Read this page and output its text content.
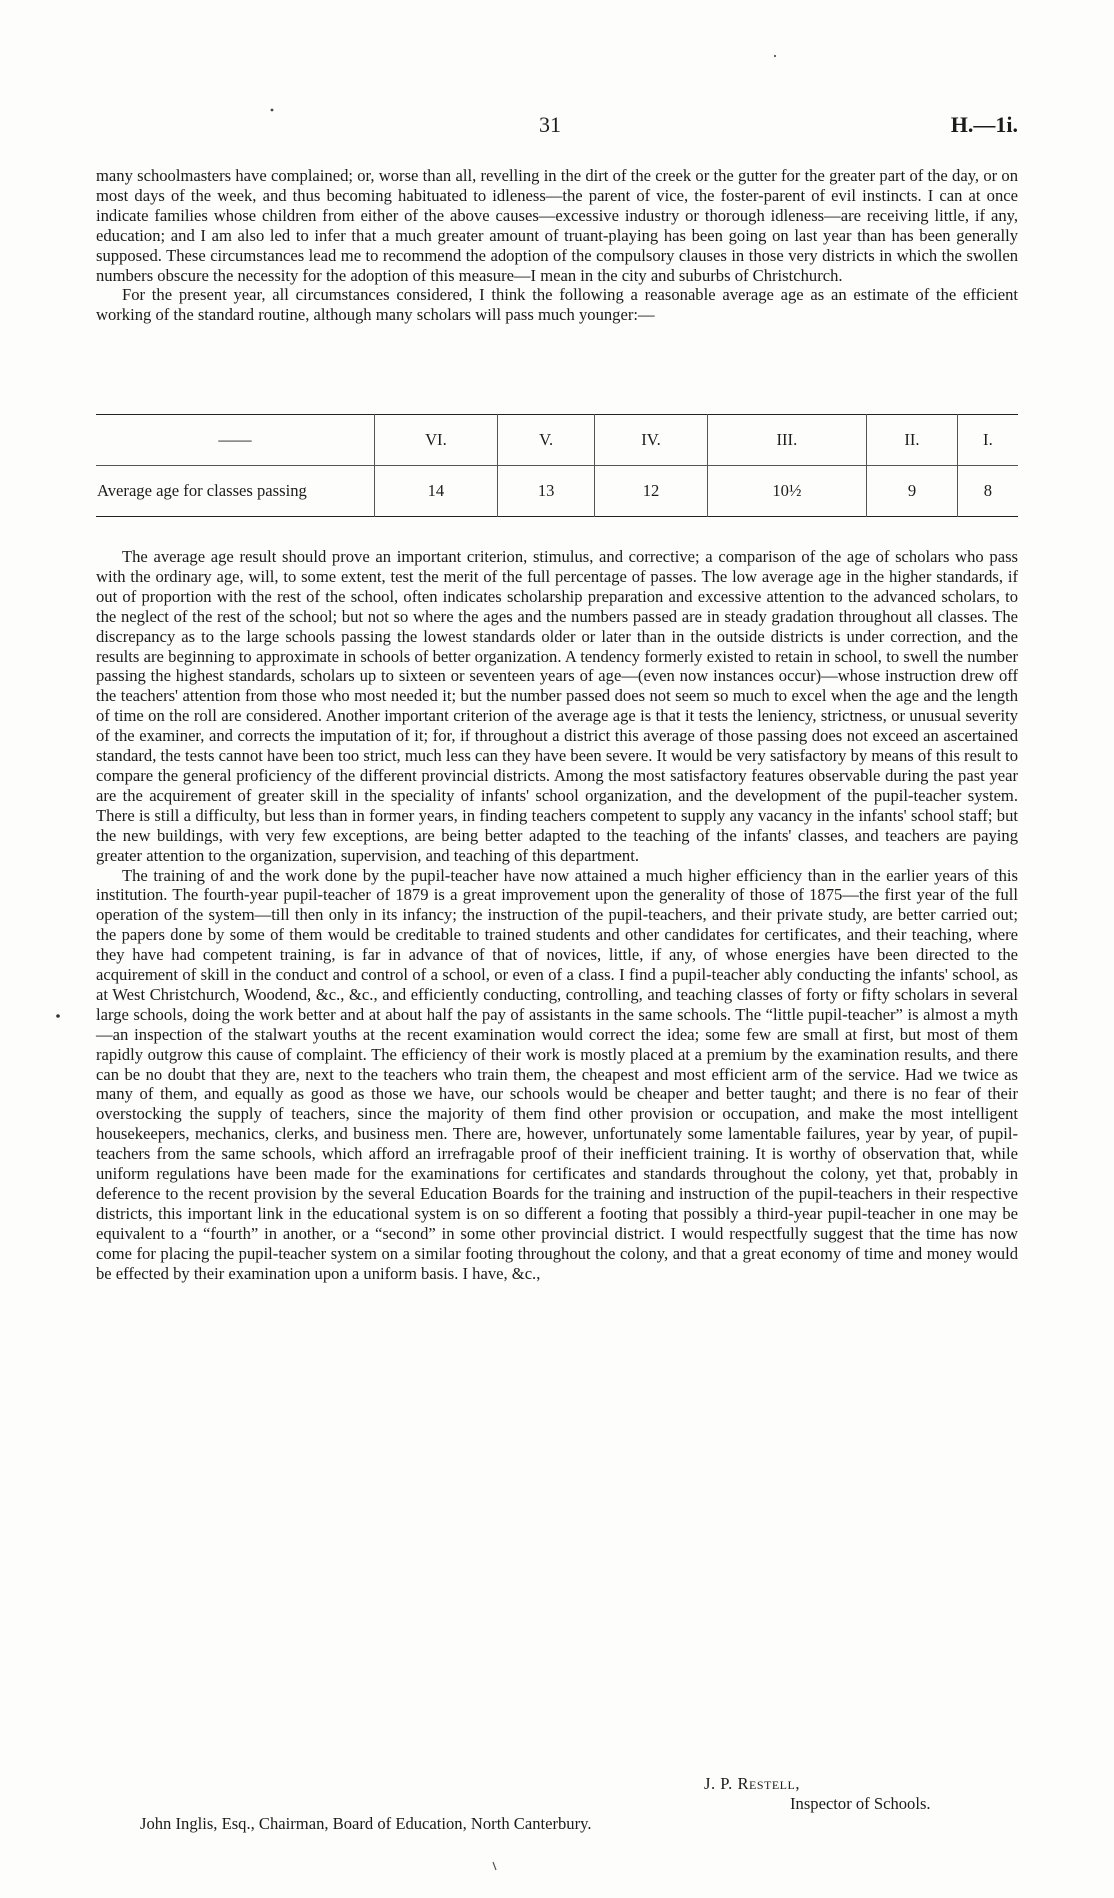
31	H.—1i.

many schoolmasters have complained; or, worse than all, revelling in the dirt of the creek or the gutter for the greater part of the day, or on most days of the week, and thus becoming habituated to idleness—the parent of vice, the foster-parent of evil instincts. I can at once indicate families whose children from either of the above causes—excessive industry or thorough idleness—are receiving little, if any, education; and I am also led to infer that a much greater amount of truant-playing has been going on last year than has been generally supposed. These circumstances lead me to recommend the adoption of the compulsory clauses in those very districts in which the swollen numbers obscure the necessity for the adoption of this measure—I mean in the city and suburbs of Christchurch.

For the present year, all circumstances considered, I think the following a reasonable average age as an estimate of the efficient working of the standard routine, although many scholars will pass much younger:—

——	VI.	V.	IV.	III.	II.	I.
Average age for classes passing	14	13	12	10½	9	8

The average age result should prove an important criterion, stimulus, and corrective; a comparison of the age of scholars who pass with the ordinary age, will, to some extent, test the merit of the full percentage of passes. The low average age in the higher standards, if out of proportion with the rest of the school, often indicates scholarship preparation and excessive attention to the advanced scholars, to the neglect of the rest of the school; but not so where the ages and the numbers passed are in steady gradation throughout all classes. The discrepancy as to the large schools passing the lowest standards older or later than in the outside districts is under correction, and the results are beginning to approximate in schools of better organization. A tendency formerly existed to retain in school, to swell the number passing the highest standards, scholars up to sixteen or seventeen years of age—(even now instances occur)—whose instruction drew off the teachers' attention from those who most needed it; but the number passed does not seem so much to excel when the age and the length of time on the roll are considered. Another important criterion of the average age is that it tests the leniency, strictness, or unusual severity of the examiner, and corrects the imputation of it; for, if throughout a district this average of those passing does not exceed an ascertained standard, the tests cannot have been too strict, much less can they have been severe. It would be very satisfactory by means of this result to compare the general proficiency of the different provincial districts. Among the most satisfactory features observable during the past year are the acquirement of greater skill in the speciality of infants' school organization, and the development of the pupil-teacher system. There is still a difficulty, but less than in former years, in finding teachers competent to supply any vacancy in the infants' school staff; but the new buildings, with very few exceptions, are being better adapted to the teaching of the infants' classes, and teachers are paying greater attention to the organization, supervision, and teaching of this department.

The training of and the work done by the pupil-teacher have now attained a much higher efficiency than in the earlier years of this institution. The fourth-year pupil-teacher of 1879 is a great improvement upon the generality of those of 1875—the first year of the full operation of the system—till then only in its infancy; the instruction of the pupil-teachers, and their private study, are better carried out; the papers done by some of them would be creditable to trained students and other candidates for certificates, and their teaching, where they have had competent training, is far in advance of that of novices, little, if any, of whose energies have been directed to the acquirement of skill in the conduct and control of a school, or even of a class. I find a pupil-teacher ably conducting the infants' school, as at West Christchurch, Woodend, &c., &c., and efficiently conducting, controlling, and teaching classes of forty or fifty scholars in several large schools, doing the work better and at about half the pay of assistants in the same schools. The “little pupil-teacher” is almost a myth—an inspection of the stalwart youths at the recent examination would correct the idea; some few are small at first, but most of them rapidly outgrow this cause of complaint. The efficiency of their work is mostly placed at a premium by the examination results, and there can be no doubt that they are, next to the teachers who train them, the cheapest and most efficient arm of the service. Had we twice as many of them, and equally as good as those we have, our schools would be cheaper and better taught; and there is no fear of their overstocking the supply of teachers, since the majority of them find other provision or occupation, and make the most intelligent housekeepers, mechanics, clerks, and business men. There are, however, unfortunately some lamentable failures, year by year, of pupil-teachers from the same schools, which afford an irrefragable proof of their inefficient training. It is worthy of observation that, while uniform regulations have been made for the examinations for certificates and standards throughout the colony, yet that, probably in deference to the recent provision by the several Education Boards for the training and instruction of the pupil-teachers in their respective districts, this important link in the educational system is on so different a footing that possibly a third-year pupil-teacher in one may be equivalent to a “fourth” in another, or a “second” in some other provincial district. I would respectfully suggest that the time has now come for placing the pupil-teacher system on a similar footing throughout the colony, and that a great economy of time and money would be effected by their examination upon a uniform basis. I have, &c.,

J. P. Restell,
Inspector of Schools.
John Inglis, Esq., Chairman, Board of Education, North Canterbury.
